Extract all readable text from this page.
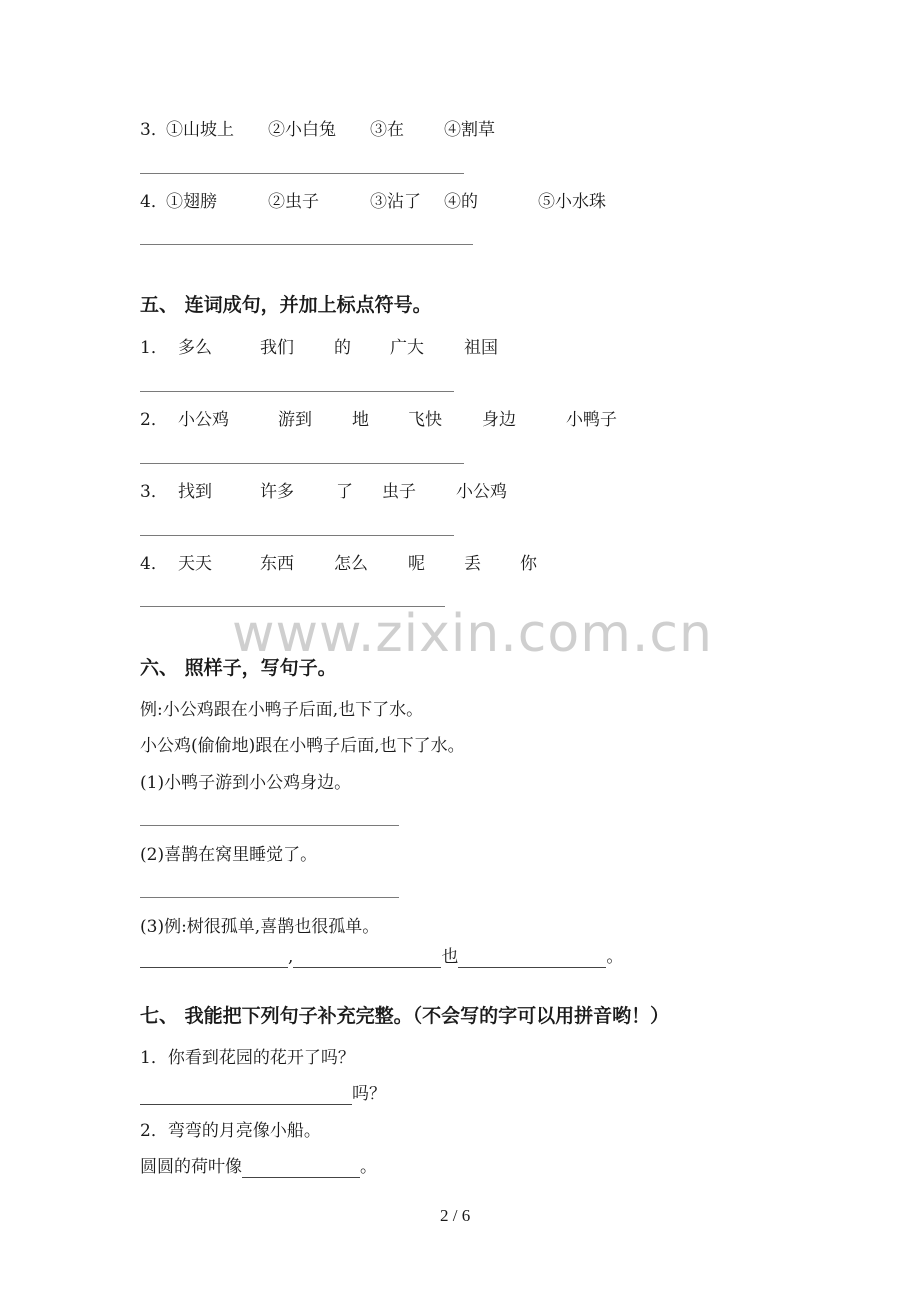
3．
①山坡上 ②小白兔 ③在 ④割草
4．
①翅膀	②虫子	③沾了 ④的	⑤小水珠
五、 连词成句，并加上标点符号。
1． 多么	我们 的 广大 祖国
2． 小公鸡	游到 地 飞快 身边	小鸭子
3． 找到	许多 了 虫子 小公鸡
4． 天天	东西 怎么 呢 丢 你
www.zixin.com.cn
六、 照样子，写句子。
例:小公鸡跟在小鸭子后面,也下了水。
小公鸡(偷偷地)跟在小鸭子后面,也下了水。
(1)小鸭子游到小公鸡身边。
(2)喜鹊在窝里睡觉了。
(3)例:树很孤单,喜鹊也很孤单。
,	也	。
七、 我能把下列句子补充完整。（不会写的字可以用拼音哟！）
1．你看到花园的花开了吗？
吗？
2．弯弯的月亮像小船。
圆圆的荷叶像	。
2 / 6
